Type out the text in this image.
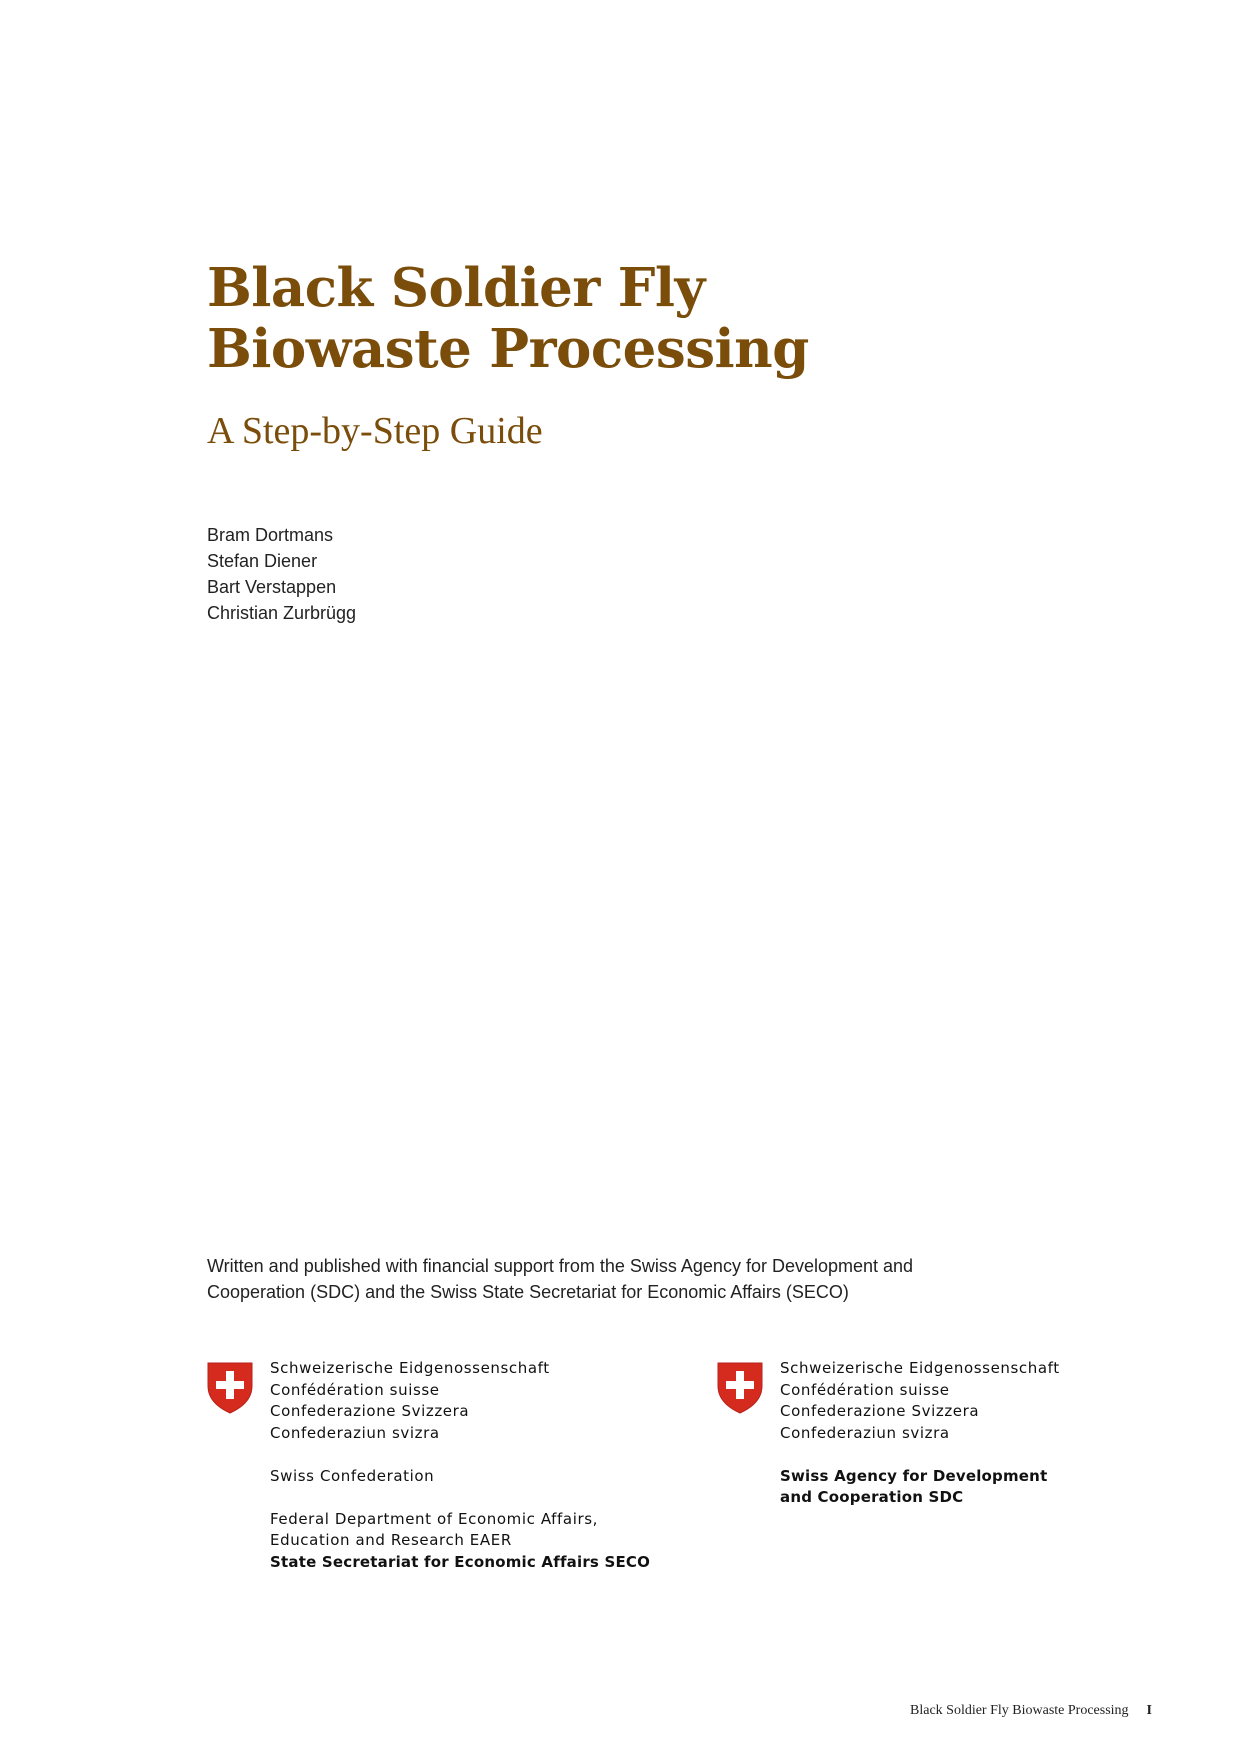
Black Soldier Fly
Biowaste Processing
A Step-by-Step Guide
Bram Dortmans
Stefan Diener
Bart Verstappen
Christian Zurbrügg
Written and published with financial support from the Swiss Agency for Development and Cooperation (SDC) and the Swiss State Secretariat for Economic Affairs (SECO)
Schweizerische Eidgenossenschaft
Confédération suisse
Confederazione Svizzera
Confederaziun svizra
Swiss Confederation
Federal Department of Economic Affairs,
Education and Research EAER
State Secretariat for Economic Affairs SECO
Schweizerische Eidgenossenschaft
Confédération suisse
Confederazione Svizzera
Confederaziun svizra
Swiss Agency for Development
and Cooperation SDC
Black Soldier Fly Biowaste Processing I
